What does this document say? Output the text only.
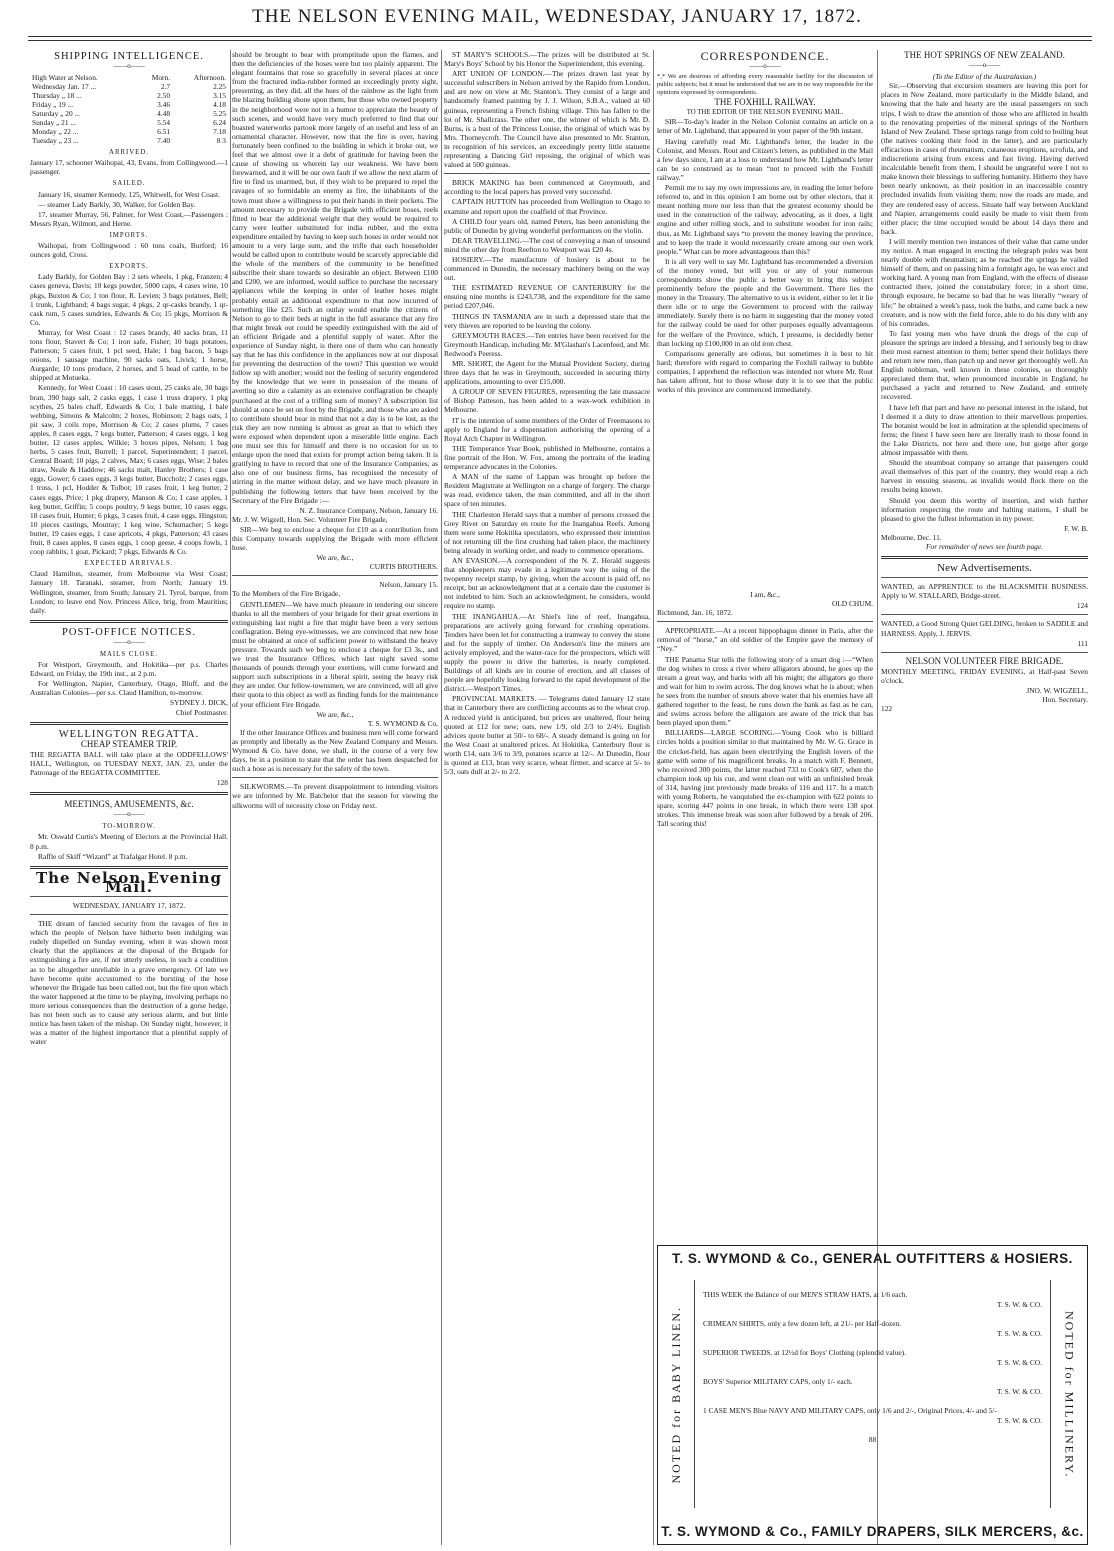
THE NELSON EVENING MAIL, WEDNESDAY, JANUARY 17, 1872.
SHIPPING INTELLIGENCE.
——o——
High Water at Nelson.	Morn.	Afternoon.
Wednesday Jan. 17 ...	2.7	2.25
Thursday „ 18 ...	2.50	3.15
Friday „ 19 ...	3.46	4.18
Saturday „ 20 ...	4.48	5.25
Sunday „ 21 ...	5.54	6.24
Monday „ 22 ...	6.51	7.18
Tuesday „ 23 ...	7.40	8 3
ARRIVED.

January 17, schooner Waihopai, 43, Evans, from Collingwood.—1 passenger.

SAILED.

January 16, steamer Kennedy, 125, Whitwell, for West Coast.

— steamer Lady Barkly, 30, Walker, for Golden Bay.

17, steamer Murray, 56, Palmer, for West Coast,—Passengers : Messrs Ryan, Wilmott, and Herne.

IMPORTS.

Waihopai, from Collingwood : 60 tons coals, Burford; 16 ounces gold, Cross.

EXPORTS.

Lady Barkly, for Golden Bay : 2 sets wheels, 1 pkg, Franzen; 4 cases geneva, Davis; 10 kegs powder, 5000 caps, 4 cases wine, 10 pkgs, Buxton & Co; 1 ton flour, R. Levien; 3 bags potatoes, Bell; 1 trunk, Lightband; 4 bags sugar, 4 pkgs, 2 qr-casks brandy, 1 qr-cask rum, 5 cases sundries, Edwards & Co; 15 pkgs, Morrison & Co.

Murray, for West Coast : 12 cases brandy, 40 sacks bran, 11 tons flour, Stavert & Co; 1 iron safe, Fisher; 10 bags potatoes, Patterson; 5 cases fruit, 1 pcl seed, Hale; 1 bag bacon, 5 bags onions, 1 sausage machine, 90 sacks oats, Livick; 1 horse, Aurgarde; 10 tons produce, 2 horses, and 5 head of cattle, to be shipped at Motueka.

Kennedy, for West Coast : 10 cases stout, 25 casks ale, 30 bags bran, 390 bags salt, 2 casks eggs, 1 case 1 truss drapery, 1 pkg scythes, 25 bales chaff, Edwards & Co; 1 bale matting, 1 bale webbing, Simons & Malcolm; 2 boxes, Robinson; 2 bags oats, 1 pit saw, 3 coils rope, Morrison & Co; 2 cases plums, 7 cases apples, 8 cases eggs, 7 kegs butter, Patterson; 4 cases eggs, 1 keg butter, 12 cases apples, Wilkie; 3 boxes pipes, Nelson; 1 bag herbs, 5 cases fruit, Burrell; 1 parcel, Superintendent; 1 parcel, Central Board; 10 pigs, 2 calves, Max; 6 cases eggs, Wise; 2 bales straw, Neale & Haddow; 46 sacks malt, Hanley Brothers; 1 case eggs, Gower; 6 cases eggs, 3 kegs butter, Buccholz; 2 cases eggs, 1 truss, 1 pcl, Hodder & Tolbot; 10 cases fruit, 1 keg butter, 2 cases eggs, Price; 1 pkg drapery, Manson & Co; 1 case apples, 1 keg butter, Griffin; 5 coops poultry, 9 kegs butter, 10 cases eggs, 18 cases fruit, Hunter; 6 pkgs, 3 cases fruit, 4 case eggs, Hingston; 10 pieces castings, Moutray; 1 keg wine, Schumacher; 5 kegs butter, 19 cases eggs, 1 case apricots, 4 pkgs, Patterson; 43 cases fruit, 8 cases apples, 8 cases eggs, 1 coop geese, 4 coops fowls, 1 coop rabbits, 1 goat, Pickard; 7 pkgs, Edwards & Co.

EXPECTED ARRIVALS.

Claud Hamilton, steamer, from Melbourne via West Coast; January 18. Taranaki, steamer, from North; January 19. Wellington, steamer, from South; January 21. Tyrol, barque, from London; to leave end Nov. Princess Alice, brig, from Mauritius; daily.

POST-OFFICE NOTICES.
——o——
MAILS CLOSE.

For Westport, Greymouth, and Hokitika—per p.s. Charles Edward, on Friday, the 19th inst., at 2 p.m.

For Wellington, Napier, Canterbury, Otago, Bluff, and the Australian Colonies—per s.s. Claud Hamilton, to-morrow.

SYDNEY J. DICK,
Chief Postmaster.
WELLINGTON REGATTA.
CHEAP STEAMER TRIP.

THE REGATTA BALL will take place at the ODDFELLOWS' HALL, Wellington, on TUESDAY NEXT, JAN. 23, under the Patronage of the REGATTA COMMITTEE.

128
MEETINGS, AMUSEMENTS, &c.
——o——
TO-MORROW.

Mr. Oswald Curtis's Meeting of Electors at the Provincial Hall. 8 p.m.

Raffle of Skiff “Wizard” at Trafalgar Hotel. 8 p.m.

The Nelson Evening Mail.
WEDNESDAY, JANUARY 17, 1872.

THE dream of fancied security from the ravages of fire in which the people of Nelson have hitherto been indulging was rudely dispelled on Sunday evening, when it was shown most clearly that the appliances at the disposal of the Brigade for extinguishing a fire are, if not utterly useless, in such a condition as to be altogether unreliable in a grave emergency. Of late we have become quite accustomed to the bursting of the hose whenever the Brigade has been called out, but the fire upon which the water happened at the time to be playing, involving perhaps no more serious consequences than the destruction of a gorse hedge, has not been such as to cause any serious alarm, and but little notice has been taken of the mishap. On Sunday night, however, it was a matter of the highest importance that a plentiful supply of water

should be brought to bear with promptitude upon the flames, and then the deficiencies of the hoses were but too plainly apparent. The elegant fountains that rose so gracefully in several places at once from the fractured india-rubber formed an exceedingly pretty sight, presenting, as they did, all the hues of the rainbow as the light from the blazing building shone upon them, but those who owned property in the neighborhood were not in a humor to appreciate the beauty of such scenes, and would have very much preferred to find that our boasted waterworks partook more largely of an useful and less of an ornamental character. However, now that the fire is over, having fortunately been confined to the building in which it broke out, we feel that we almost owe it a debt of gratitude for having been the cause of showing us wherein lay our weakness. We have been forewarned, and it will be our own fault if we allow the next alarm of fire to find us unarmed, but, if they wish to be prepared to repel the ravages of so formidable an enemy as fire, the inhabitants of the town must show a willingness to put their hands in their pockets. The amount necessary to provide the Brigade with efficient hoses, reels fitted to bear the additional weight that they would be required to carry were leather substituted for india rubber, and the extra expenditure entailed by having to keep such hoses in order would not amount to a very large sum, and the trifle that each householder would be called upon to contribute would be scarcely appreciable did the whole of the members of the community to be benefitted subscribe their share towards so desirable an object. Between £100 and £200, we are informed, would suffice to purchase the necessary appliances while the keeping in order of leather hoses might probably entail an additional expenditure to that now incurred of something like £25. Such an outlay would enable the citizens of Nelson to go to their beds at night in the full assurance that any fire that might break out could be speedily extinguished with the aid of an efficient Brigade and a plentiful supply of water. After the experience of Sunday night, is there one of them who can honestly say that he has this confidence in the appliances now at our disposal for preventing the destruction of the town? This question we would follow up with another; would not the feeling of security engendered by the knowledge that we were in possession of the means of averting so dire a calamity as an extensive conflagration be cheaply purchased at the cost of a trifling sum of money? A subscription list should at once be set on foot by the Brigade, and those who are asked to contribute should bear in mind that not a day is to be lost, as the risk they are now running is almost as great as that to which they were exposed when dependent upon a miserable little engine. Each one must see this for himself and there is no occasion for us to enlarge upon the need that exists for prompt action being taken. It is gratifying to have to record that one of the Insurance Companies, as also one of our business firms, has recognised the necessity of stirring in the matter without delay, and we have much pleasure in publishing the following letters that have been received by the Secretary of the Fire Brigade :—

N. Z. Insurance Company, Nelson, January 16.

Mr. J. W. Wigzell, Hon. Sec. Volunteer Fire Brigade,

SIR—We beg to enclose a cheque for £10 as a contribution from this Company towards supplying the Brigade with more efficient hose.

We are, &c.,
CURTIS BROTHERS.
Nelson, January 15.

To the Members of the Fire Brigade,

GENTLEMEN—We have much pleasure in tendering our sincere thanks to all the members of your brigade for their great exertions in extinguishing last night a fire that might have been a very serious conflagration. Being eye-witnesses, we are convinced that new hose must be obtained at once of sufficient power to withstand the heavy pressure. Towards such we beg to enclose a cheque for £3 3s., and we trust the Insurance Offices, which last night saved some thousands of pounds through your exertions, will come forward and support such subscriptions in a liberal spirit, seeing the heavy risk they are under. Our fellow-townsmen, we are convinced, will all give their quota to this object as well as finding funds for the maintenance of your efficient Fire Brigade.

We are, &c.,
T. S. WYMOND & Co,

If the other Insurance Offices and business men will come forward as promptly and liberally as the New Zealand Company and Messrs. Wymond & Co. have done, we shall, in the course of a very few days, be in a position to state that the order has been despatched for such a hose as is necessary for the safety of the town.

SILKWORMS.—To prevent disappointment to intending visitors we are informed by Mr. Batchelor that the season for viewing the silkworms will of necessity close on Friday next.

ST MARY'S SCHOOLS.—The prizes will be distributed at St. Mary's Boys' School by his Honor the Superintendent, this evening.

ART UNION OF LONDON.—The prizes drawn last year by successful subscribers in Nelson arrived by the Rapido from London, and are now on view at Mr. Stanton's. They consist of a large and handsomely framed painting by J. J. Wilson, S.B.A., valued at 60 guineas, representing a French fishing village. This has fallen to the lot of Mr. Shallcrass. The other one, the winner of which is Mr. D. Burns, is a bust of the Princess Louise, the original of which was by Mrs. Thorneycroft. The Council have also presented to Mr. Stanton, in recognition of his services, an exceedingly pretty little statuette representing a Dancing Girl reposing, the original of which was valued at 500 guineas.

BRICK MAKING has been commenced at Greymouth, and according to the local papers has proved very successful.

CAPTAIN HUTTON has proceeded from Wellington to Otago to examine and report upon the coalfield of that Province.

A CHILD four years old, named Peters, has been astonishing the public of Dunedin by giving wonderful performances on the violin.

DEAR TRAVELLING.—The cost of conveying a man of unsound mind the other day from Reefton to Westport was £20 4s.

HOSIERY.—The manufacture of hosiery is about to be commenced in Dunedin, the necessary machinery being on the way out.

THE ESTIMATED REVENUE OF CANTERBURY for the ensuing nine months is £243,738, and the expenditure for the same period £207,046.

THINGS IN TASMANIA are in such a depressed state that the very thieves are reported to be leaving the colony.

GREYMOUTH RACES.—Ten entries have been received for the Greymouth Handicap, including Mr. M'Glashan's Lacenfeed, and Mr. Redwood's Peeress.

MR. SHORT, the Agent for the Mutual Provident Society, during three days that he was in Greymouth, succeeded in securing thirty applications, amounting to over £15,000.

A GROUP OF SEVEN FIGURES, representing the late massacre of Bishop Patteson, has been added to a wax-work exhibition in Melbourne.

IT is the intention of some members of the Order of Freemasons to apply to England for a dispensation authorising the opening of a Royal Arch Chapter in Wellington.

THE Temperance Year Book, published in Melbourne, contains a fine portrait of the Hon. W. Fox, among the portraits of the leading temperance advocates in the Colonies.

A MAN of the name of Lappan was brought up before the Resident Magistrate at Wellington on a charge of forgery. The charge was read, evidence taken, the man committed, and all in the short space of ten minutes.

THE Charleston Herald says that a number of persons crossed the Grey River on Saturday en route for the Inangahua Reefs. Among them were some Hokitika speculators, who expressed their intention of not returning till the first crushing had taken place, the machinery being already in working order, and ready to commence operations.

AN EVASION.—A correspondent of the N. Z. Herald suggests that shopkeepers may evade in a legitimate way the using of the twopenny receipt stamp, by giving, when the account is paid off, no receipt, but an acknowledgment that at a certain date the customer is not indebted to him. Such an acknowledgment, he considers, would require no stamp.

THE INANGAHUA.—At Shiel's line of reef, Inangahua, preparations are actively going forward for crushing operations. Tenders have been let for constructing a tramway to convey the stone and for the supply of timber. On Anderson's line the miners are actively employed, and the water-race for the prospectors, which will supply the power to drive the batteries, is nearly completed. Buildings of all kinds are in course of erection, and all classes of people are hopefully looking forward to the rapid development of the district.—Westport Times.

PROVINCIAL MARKETS. — Telegrams dated January 12 state that in Canterbury there are conflicting accounts as to the wheat crop. A reduced yield is anticipated, but prices are unaltered, flour being quoted at £12 for new; oats, new 1/9, old 2/3 to 2/4½. English advices quote butter at 50/- to 68/-. A steady demand is going on for the West Coast at unaltered prices. At Hokitika, Canterbury flour is worth £14, oats 3/6 to 3/9, potatoes scarce at 12/-. At Dunedin, flour is quoted at £13, bran very scarce, wheat firmer, and scarce at 5/- to 5/3, oats dull at 2/- to 2/2.

CORRESPONDENCE.
——o——

*,* We are desirous of affording every reasonable facility for the discussion of public subjects; but it must be understood that we are in no way responsible for the opinions expressed by correspondents.

THE FOXHILL RAILWAY.
TO THE EDITOR OF THE NELSON EVENING MAIL.

SIR—To-day's leader in the Nelson Colonist contains an article on a letter of Mr. Lightband, that appeared in your paper of the 9th instant.

Having carefully read Mr. Lightband's letter, the leader in the Colonist, and Messrs. Rout and Citizen's letters, as published in the Mail a few days since, I am at a loss to understand how Mr. Lightband's letter can be so construed as to mean “not to proceed with the Foxhill railway.”

Permit me to say my own impressions are, in reading the letter before referred to, and in this opinion I am borne out by other electors, that it meant nothing more nor less than that the greatest economy should be used in the construction of the railway, advocating, as it does, a light engine and other rolling stock, and to substitute wooden for iron rails; thus, as Mr. Lightband says “to prevent the money leaving the province, and to keep the trade it would necessarily create among our own work people.” What can be more advantageous than this?

It is all very well to say Mr. Lightband has recommended a diversion of the money voted, but will you or any of your numerous correspondents show the public a better way to bring this subject prominently before the people and the Government. There lies the money in the Treasury. The alternative to us is evident, either to let it lie there idle or to urge the Government to proceed with the railway immediately. Surely there is no harm in suggesting that the money voted for the railway could be used for other purposes equally advantageous for the welfare of the Province, which, I presume, is decidedly better than locking up £100,000 in an old iron chest.

Comparisons generally are odious, but sometimes it is best to hit hard; therefore with regard to comparing the Foxhill railway to bubble companies, I apprehend the reflection was intended not where Mr. Rout has taken affront, but to those whose duty it is to see that the public works of this province are commenced immediately.

I am, &c.,
OLD CHUM.
Richmond, Jan. 16, 1872.

APPROPRIATE.—At a recent hippophagus dinner in Paris, after the removal of “horse,” an old soldier of the Empire gave the memory of “Ney.”

THE Panama Star tells the following story of a smart dog :—“When the dog wishes to cross a river where alligators abound, he goes up the stream a great way, and barks with all his might; the alligators go there and wait for him to swim across. The dog knows what he is about; when he sees from the number of snouts above water that his enemies have all gathered together to the feast, he runs down the bank as fast as he can, and swims across before the alligators are aware of the trick that has been played upon them.”

BILLIARDS—LARGE SCORING.—Young Cook who is billiard circles holds a position similar to that maintained by Mr. W. G. Grace in the cricket-field, has again been electrifying the English lovers of the game with some of his magnificent breaks. In a match with F. Bennett, who received 300 points, the latter reached 733 to Cook's 687, when the champion took up his cue, and went clean out with an unfinished break of 314, having just previously made breaks of 116 and 117. In a match with young Roberts, he vanquished the ex-champion with 622 points to spare, scoring 447 points in one break, in which there were 138 spot strokes. This immense break was soon after followed by a break of 206. Tall scoring this!

THE HOT SPRINGS OF NEW ZEALAND.
——o——
(To the Editor of the Australasian.)

Sir,—Observing that excursion steamers are leaving this port for places in New Zealand, more particularly in the Middle Island, and knowing that the hale and hearty are the usual passengers on such trips, I wish to draw the attention of those who are afflicted in health to the renovating properties of the mineral springs of the Northern Island of New Zealand. These springs range from cold to boiling heat (the natives cooking their food in the latter), and are particularly efficacious in cases of rheumatism, cutaneous eruptions, scrofula, and indiscretions arising from excess and fast living. Having derived incalculable benefit from them, I should be ungrateful were I not to make known their blessings to suffering humanity. Hitherto they have been nearly unknown, as their position in an inaccessible country precluded invalids from visiting them; now the roads are made, and they are rendered easy of access. Situate half way between Auckland and Napier, arrangements could easily be made to visit them from either place; the time occupied would be about 14 days there and back.

I will merely mention two instances of their value that came under my notice. A man engaged in erecting the telegraph poles was bent nearly double with rheumatism; as he reached the springs he vailed himself of them, and on passing him a fortnight ago, he was erect and working hard. A young man from England, with the effects of disease contracted there, joined the constabulary force; in a short time, through exposure, he became so bad that he was literally “weary of life;” he obtained a week's pass, took the baths, and came back a new creature, and is now with the field force, able to do his duty with any of his comrades.

To fast young men who have drunk the dregs of the cup of pleasure the springs are indeed a blessing, and I seriously beg to draw their most earnest attention to them; better spend their holidays there and return new men, than patch up and never get thoroughly well. An English nobleman, well known in these colonies, so thoroughly appreciated them that, when pronounced incurable in England, he purchased a yacht and returned to New Zealand, and entirely recovered.

I have left that part and have no personal interest in the island, but I deemed it a duty to draw attention to their marvellous properties. The botanist would be lost in admiration at the splendid specimens of ferns; the finest I have seen here are literally trash to those found in the Lake Districts, not here and there one, but gorge after gorge almost impassable with them.

Should the steamboat company so arrange that passengers could avail themselves of this part of the country, they would reap a rich harvest in ensuing seasons, as invalids would flock there on the results being known.

Should you deem this worthy of insertion, and wish further information respecting the route and halting stations, I shall be pleased to give the fullest information in my power.

F. W. B.
Melbourne, Dec. 11.
For remainder of news see fourth page.
New Advertisements.

WANTED, an APPRENTICE to the BLACKSMITH BUSINESS. Apply to W. STALLARD, Bridge-street.

124

WANTED, a Good Strong Quiet GELDING, broken to SADDLE and HARNESS. Apply, J. JERVIS.

111
NELSON VOLUNTEER FIRE BRIGADE.

MONTHLY MEETING, FRIDAY EVENING, at Half-past Seven o'clock.

JNO. W. WIGZELL,
Hon. Secretary.
122
T. S. WYMOND & Co., GENERAL OUTFITTERS & HOSIERS.
NOTED for BABY LINEN.	NOTED for MILLINERY.
THIS WEEK the Balance of our MEN'S STRAW HATS, at 1/6 each.
T. S. W. & CO.
CRIMEAN SHIRTS, only a few dozen left, at 21/- per Half-dozen.
T. S. W. & CO.
SUPERIOR TWEEDS, at 12½d for Boys' Clothing (splendid value).
T. S. W. & CO.
BOYS' Superior MILITARY CAPS, only 1/- each.
T. S. W. & CO.
1 CASE MEN'S Blue NAVY AND MILITARY CAPS, only 1/6 and 2/-, Original Prices, 4/- and 5/-
T. S. W. & CO.
88
T. S. WYMOND & Co., FAMILY DRAPERS, SILK MERCERS, &c.
